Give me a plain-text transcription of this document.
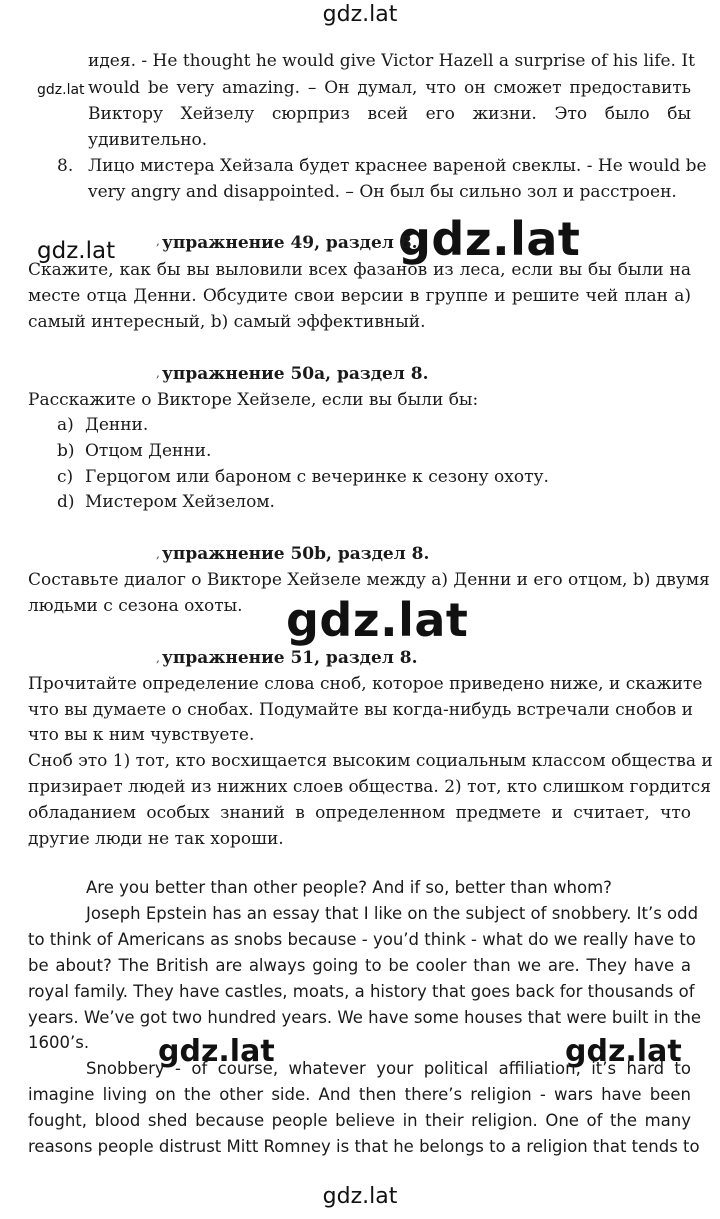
gdz.lat
gdz.lat
gdz.lat	gdz.lat
gdz.lat
gdz.lat	gdz.lat
gdz.lat
идея. - He thought he would give Victor Hazell a surprise of his life. It
would be very amazing. – Он думал, что он сможет предоставить
Виктору Хейзелу сюрприз всей его жизни. Это было бы
удивительно.
8. Лицо мистера Хейзала будет краснее вареной свеклы. - He would be
very angry and disappointed. – Он был бы сильно зол и расстроен.
, упражнение 49, раздел 8.
Скажите, как бы вы выловили всех фазанов из леса, если вы бы были на
месте отца Денни. Обсудите свои версии в группе и решите чей план a)
самый интересный, b) самый эффективный.
, упражнение 50a, раздел 8.
Расскажите о Викторе Хейзеле, если вы были бы:
a) Денни.
b) Отцом Денни.
c) Герцогом или бароном с вечеринке к сезону охоту.
d) Мистером Хейзелом.
, упражнение 50b, раздел 8.
Составьте диалог о Викторе Хейзеле между a) Денни и его отцом, b) двумя
людьми с сезона охоты.
, упражнение 51, раздел 8.
Прочитайте определение слова сноб, которое приведено ниже, и скажите
что вы думаете о снобах. Подумайте вы когда-нибудь встречали снобов и
что вы к ним чувствуете.
Сноб это 1) тот, кто восхищается высоким социальным классом общества и
призирает людей из нижних слоев общества. 2) тот, кто слишком гордится
обладанием особых знаний в определенном предмете и считает, что
другие люди не так хороши.
Are you better than other people? And if so, better than whom?
Joseph Epstein has an essay that I like on the subject of snobbery. It’s odd
to think of Americans as snobs because - you’d think - what do we really have to
be about? The British are always going to be cooler than we are. They have a
royal family. They have castles, moats, a history that goes back for thousands of
years. We’ve got two hundred years. We have some houses that were built in the
1600’s.
Snobbery - of course, whatever your political affiliation, it’s hard to
imagine living on the other side. And then there’s religion - wars have been
fought, blood shed because people believe in their religion. One of the many
reasons people distrust Mitt Romney is that he belongs to a religion that tends to
